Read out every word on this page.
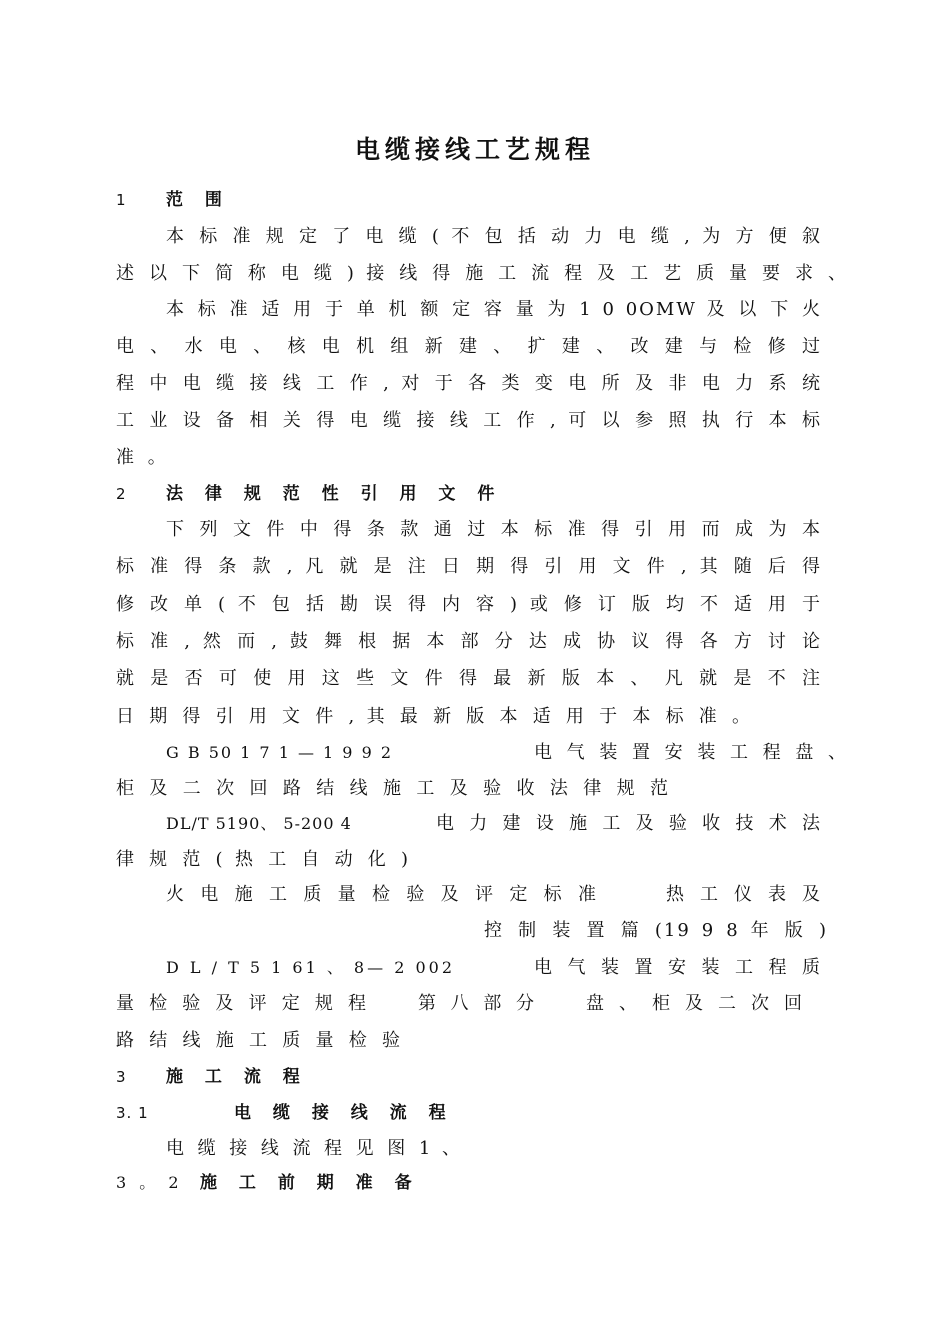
电缆接线工艺规程
1 范 围
本 标 准 规 定 了 电 缆 ( 不 包 括 动 力 电 缆 , 为 方 便 叙
述 以 下 简 称 电 缆 ) 接 线 得 施 工 流 程 及 工 艺 质 量 要 求 、
本 标 准 适 用 于 单 机 额 定 容 量 为 1 0 0OMW 及 以 下 火
电 、 水 电 、 核 电 机 组 新 建 、 扩 建 、 改 建 与 检 修 过
程 中 电 缆 接 线 工 作 , 对 于 各 类 变 电 所 及 非 电 力 系 统
工 业 设 备 相 关 得 电 缆 接 线 工 作 , 可 以 参 照 执 行 本 标
准 。
2 法 律 规 范 性 引 用 文 件
下 列 文 件 中 得 条 款 通 过 本 标 准 得 引 用 而 成 为 本
标 准 得 条 款 , 凡 就 是 注 日 期 得 引 用 文 件 , 其 随 后 得
修 改 单 ( 不 包 括 勘 误 得 内 容 ) 或 修 订 版 均 不 适 用 于
标 准 , 然 而 , 鼓 舞 根 据 本 部 分 达 成 协 议 得 各 方 讨 论
就 是 否 可 使 用 这 些 文 件 得 最 新 版 本 、 凡 就 是 不 注
日 期 得 引 用 文 件 , 其 最 新 版 本 适 用 于 本 标 准 。
G B 50 1 7 1 — 1 9 9 2	电 气 装 置 安 装 工 程 盘 、
柜 及 二 次 回 路 结 线 施 工 及 验 收 法 律 规 范
DL/T 5190、 5-200 4	电 力 建 设 施 工 及 验 收 技 术 法
律 规 范 ( 热 工 自 动 化 )
火 电 施 工 质 量 检 验 及 评 定 标 准	热 工 仪 表 及
控 制 装 置 篇 (19 9 8 年 版 )
D L / T 5 1 61 、 8— 2 002	电 气 装 置 安 装 工 程 质
量 检 验 及 评 定 规 程	第 八 部 分	盘 、 柜 及 二 次 回
路 结 线 施 工 质 量 检 验
3 施 工 流 程
3. 1	电 缆 接 线 流 程
电 缆 接 线 流 程 见 图 1 、
3 。 2 施 工 前 期 准 备
